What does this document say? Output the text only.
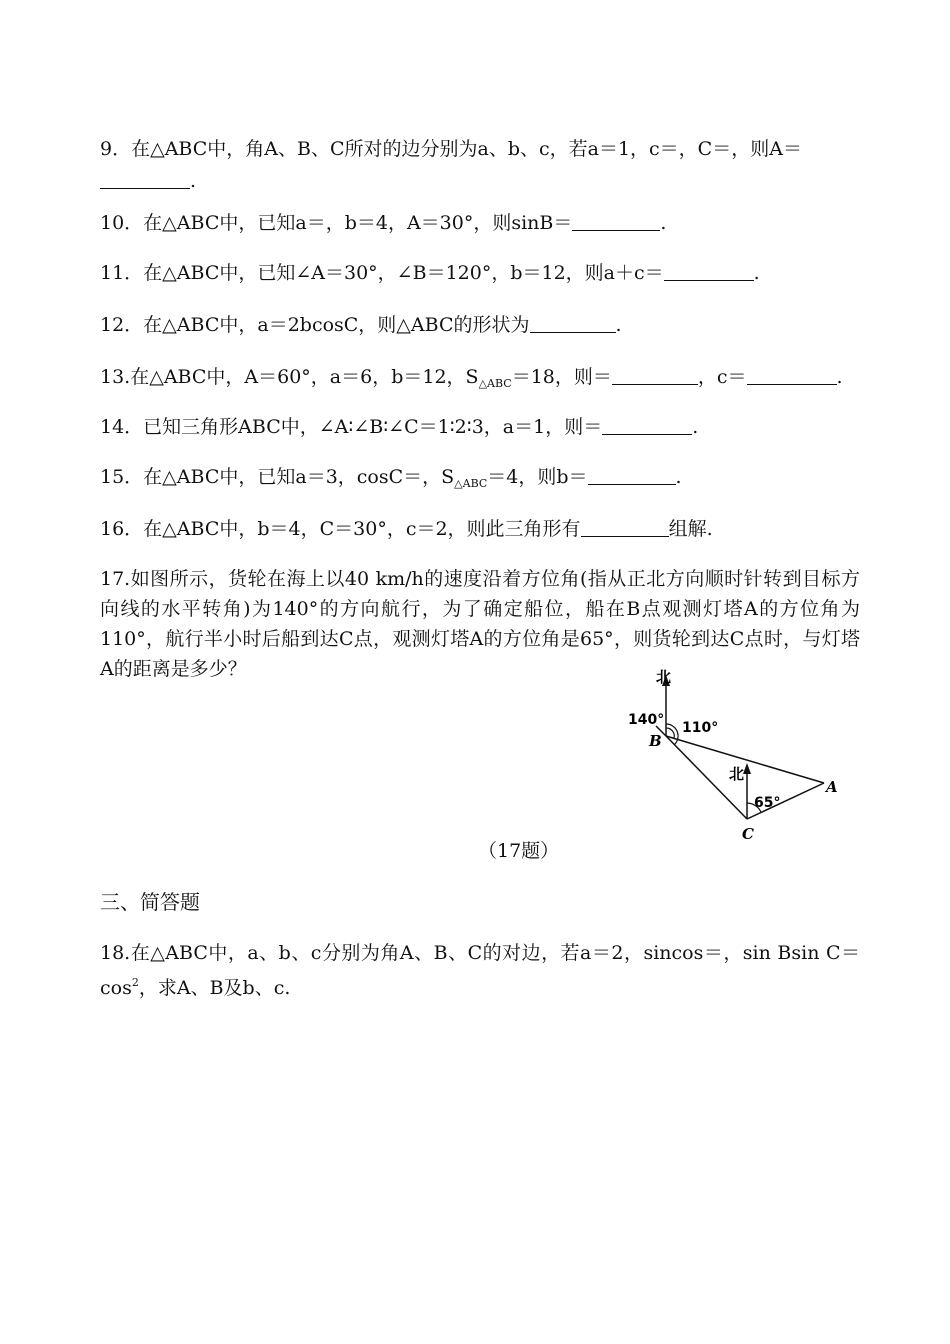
9．在△ABC中，角A、B、C所对的边分别为a、b、c，若a＝1，c＝，C＝，则A＝
.
10．在△ABC中，已知a＝，b＝4，A＝30°，则sinB＝	.
11．在△ABC中，已知∠A＝30°，∠B＝120°，b＝12，则a＋c＝	.
12．在△ABC中，a＝2bcosC，则△ABC的形状为	.
13.在△ABC中，A＝60°，a＝6，b＝12，$S_{\triangle ABC}=18$，则＝	，c＝	.
14．已知三角形ABC中，∠A∶∠B∶∠C＝1∶2∶3，a＝1，则＝	.
15．在△ABC中，已知a＝3，cosC＝，$S_{\triangle ABC}=4$，则b＝	.
16．在△ABC中，b＝4，C＝30°，c＝2，则此三角形有	组解.
17.如图所示，货轮在海上以40 km/h的速度沿着方位角(指从正北方向顺时针转到目标方向线的水平转角)为140°的方向航行，为了确定船位，船在B点观测灯塔A的方位角为110°，航行半小时后船到达C点，观测灯塔A的方位角是65°，则货轮到达C点时，与灯塔A的距离是多少？	北
北
140° 110°
65°
B
A
C
（17题）
三、简答题
18.在△ABC中，a、b、c分别为角A、B、C的对边，若a＝2，sincos＝，sin Bsin $C=\cos^2$，求A、B及b、c.
